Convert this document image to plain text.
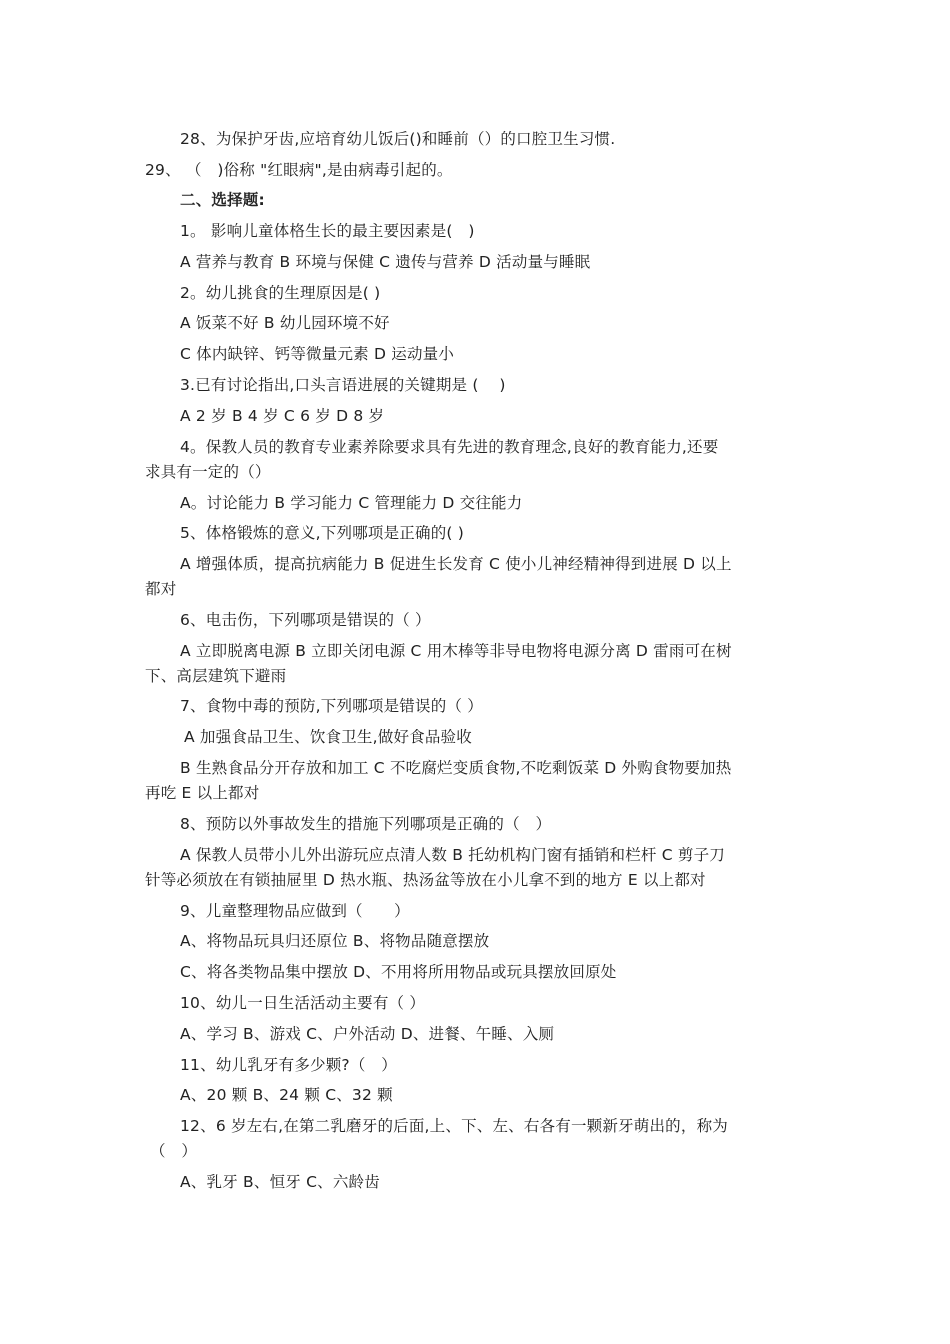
28、为保护牙齿,应培育幼儿饭后()和睡前（）的口腔卫生习惯.
29、 （　)俗称 "红眼病",是由病毒引起的。
二、选择题:
1。 影响儿童体格生长的最主要因素是(　)
A 营养与教育 B 环境与保健 C 遗传与营养 D 活动量与睡眠
2。幼儿挑食的生理原因是( )
A 饭菜不好 B 幼儿园环境不好
C 体内缺锌、钙等微量元素 D 运动量小
3.已有讨论指出,口头言语进展的关键期是 (　 )
A 2 岁 B 4 岁 C 6 岁 D 8 岁
4。保教人员的教育专业素养除要求具有先进的教育理念,良好的教育能力,还要
求具有一定的（）
A。讨论能力 B 学习能力 C 管理能力 D 交往能力
5、体格锻炼的意义,下列哪项是正确的( )
A 增强体质，提高抗病能力 B 促进生长发育 C 使小儿神经精神得到进展 D 以上
都对
6、电击伤，下列哪项是错误的（ ）
A 立即脱离电源 B 立即关闭电源 C 用木棒等非导电物将电源分离 D 雷雨可在树
下、高层建筑下避雨
7、食物中毒的预防,下列哪项是错误的（ ）
A 加强食品卫生、饮食卫生,做好食品验收
B 生熟食品分开存放和加工 C 不吃腐烂变质食物,不吃剩饭菜 D 外购食物要加热
再吃 E 以上都对
8、预防以外事故发生的措施下列哪项是正确的（　）
A 保教人员带小儿外出游玩应点清人数 B 托幼机构门窗有插销和栏杆 C 剪子刀
针等必须放在有锁抽屉里 D 热水瓶、热汤盆等放在小儿拿不到的地方 E 以上都对
9、儿童整理物品应做到（　　）
A、将物品玩具归还原位 B、将物品随意摆放
C、将各类物品集中摆放 D、不用将所用物品或玩具摆放回原处
10、幼儿一日生活活动主要有（ ）
A、学习 B、游戏 C、户外活动 D、进餐、午睡、入厕
11、幼儿乳牙有多少颗?（　）
A、20 颗 B、24 颗 C、32 颗
12、6 岁左右,在第二乳磨牙的后面,上、下、左、右各有一颗新牙萌出的，称为
（　）
A、乳牙 B、恒牙 C、六龄齿
